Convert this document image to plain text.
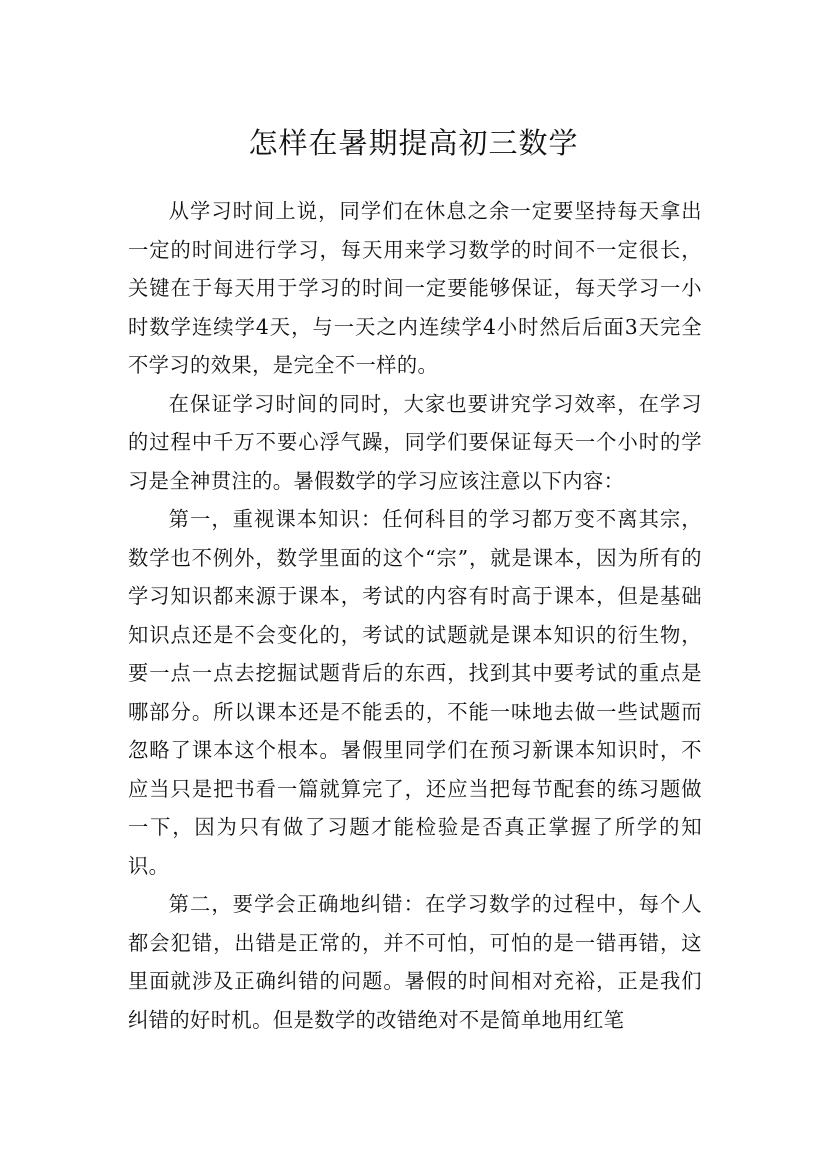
怎样在暑期提高初三数学

从学习时间上说，同学们在休息之余一定要坚持每天拿出一定的时间进行学习，每天用来学习数学的时间不一定很长，关键在于每天用于学习的时间一定要能够保证，每天学习一小时数学连续学4天，与一天之内连续学4小时然后后面3天完全不学习的效果，是完全不一样的。

在保证学习时间的同时，大家也要讲究学习效率，在学习的过程中千万不要心浮气躁，同学们要保证每天一个小时的学习是全神贯注的。暑假数学的学习应该注意以下内容：

第一，重视课本知识：任何科目的学习都万变不离其宗，数学也不例外，数学里面的这个“宗”，就是课本，因为所有的学习知识都来源于课本，考试的内容有时高于课本，但是基础知识点还是不会变化的，考试的试题就是课本知识的衍生物，要一点一点去挖掘试题背后的东西，找到其中要考试的重点是哪部分。所以课本还是不能丢的，不能一味地去做一些试题而忽略了课本这个根本。暑假里同学们在预习新课本知识时，不应当只是把书看一篇就算完了，还应当把每节配套的练习题做一下，因为只有做了习题才能检验是否真正掌握了所学的知识。

第二，要学会正确地纠错：在学习数学的过程中，每个人都会犯错，出错是正常的，并不可怕，可怕的是一错再错，这里面就涉及正确纠错的问题。暑假的时间相对充裕，正是我们纠错的好时机。但是数学的改错绝对不是简单地用红笔
